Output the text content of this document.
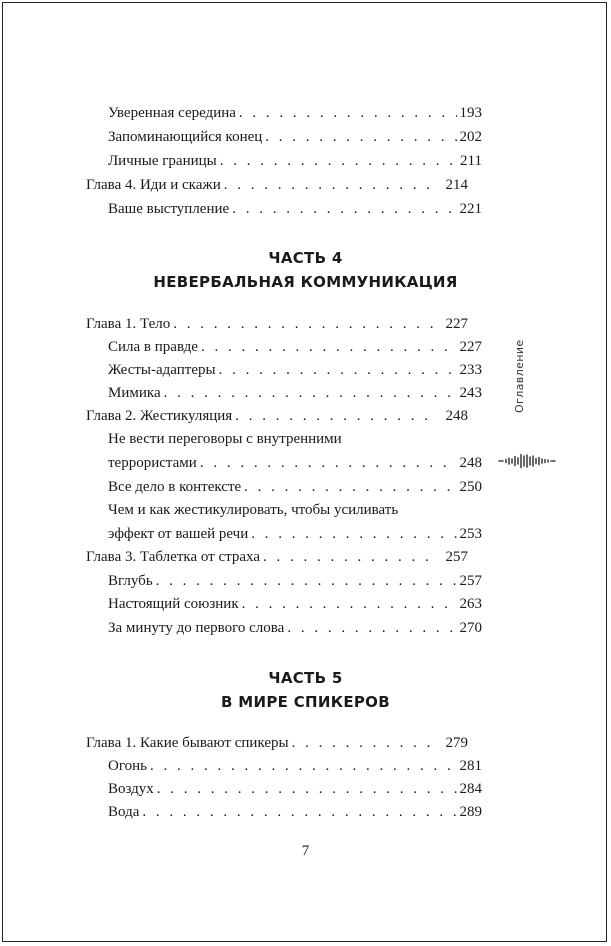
Уверенная середина . . .	193
Запоминающийся конец . . .	202
Личные границы . . .	211
Глава 4. Иди и скажи . . .	214
Ваше выступление . . .	221
ЧАСТЬ 4
НЕВЕРБАЛЬНАЯ КОММУНИКАЦИЯ
Глава 1. Тело . . .	227
Сила в правде . . .	227
Жесты-адаптеры . . .	233
Мимика . . .	243
Глава 2. Жестикуляция . . .	248
Не вести переговоры с внутренними
террористами . . .	248
Все дело в контексте . . .	250
Чем и как жестикулировать, чтобы усиливать
эффект от вашей речи . . .	253
Глава 3. Таблетка от страха . . .	257
Вглубь . . .	257
Настоящий союзник . . .	263
За минуту до первого слова . . .	270
ЧАСТЬ 5
В МИРЕ СПИКЕРОВ
Глава 1. Какие бывают спикеры . . .	279
Огонь . . .	281
Воздух . . .	284
Вода . . .	289
Оглавление
7
